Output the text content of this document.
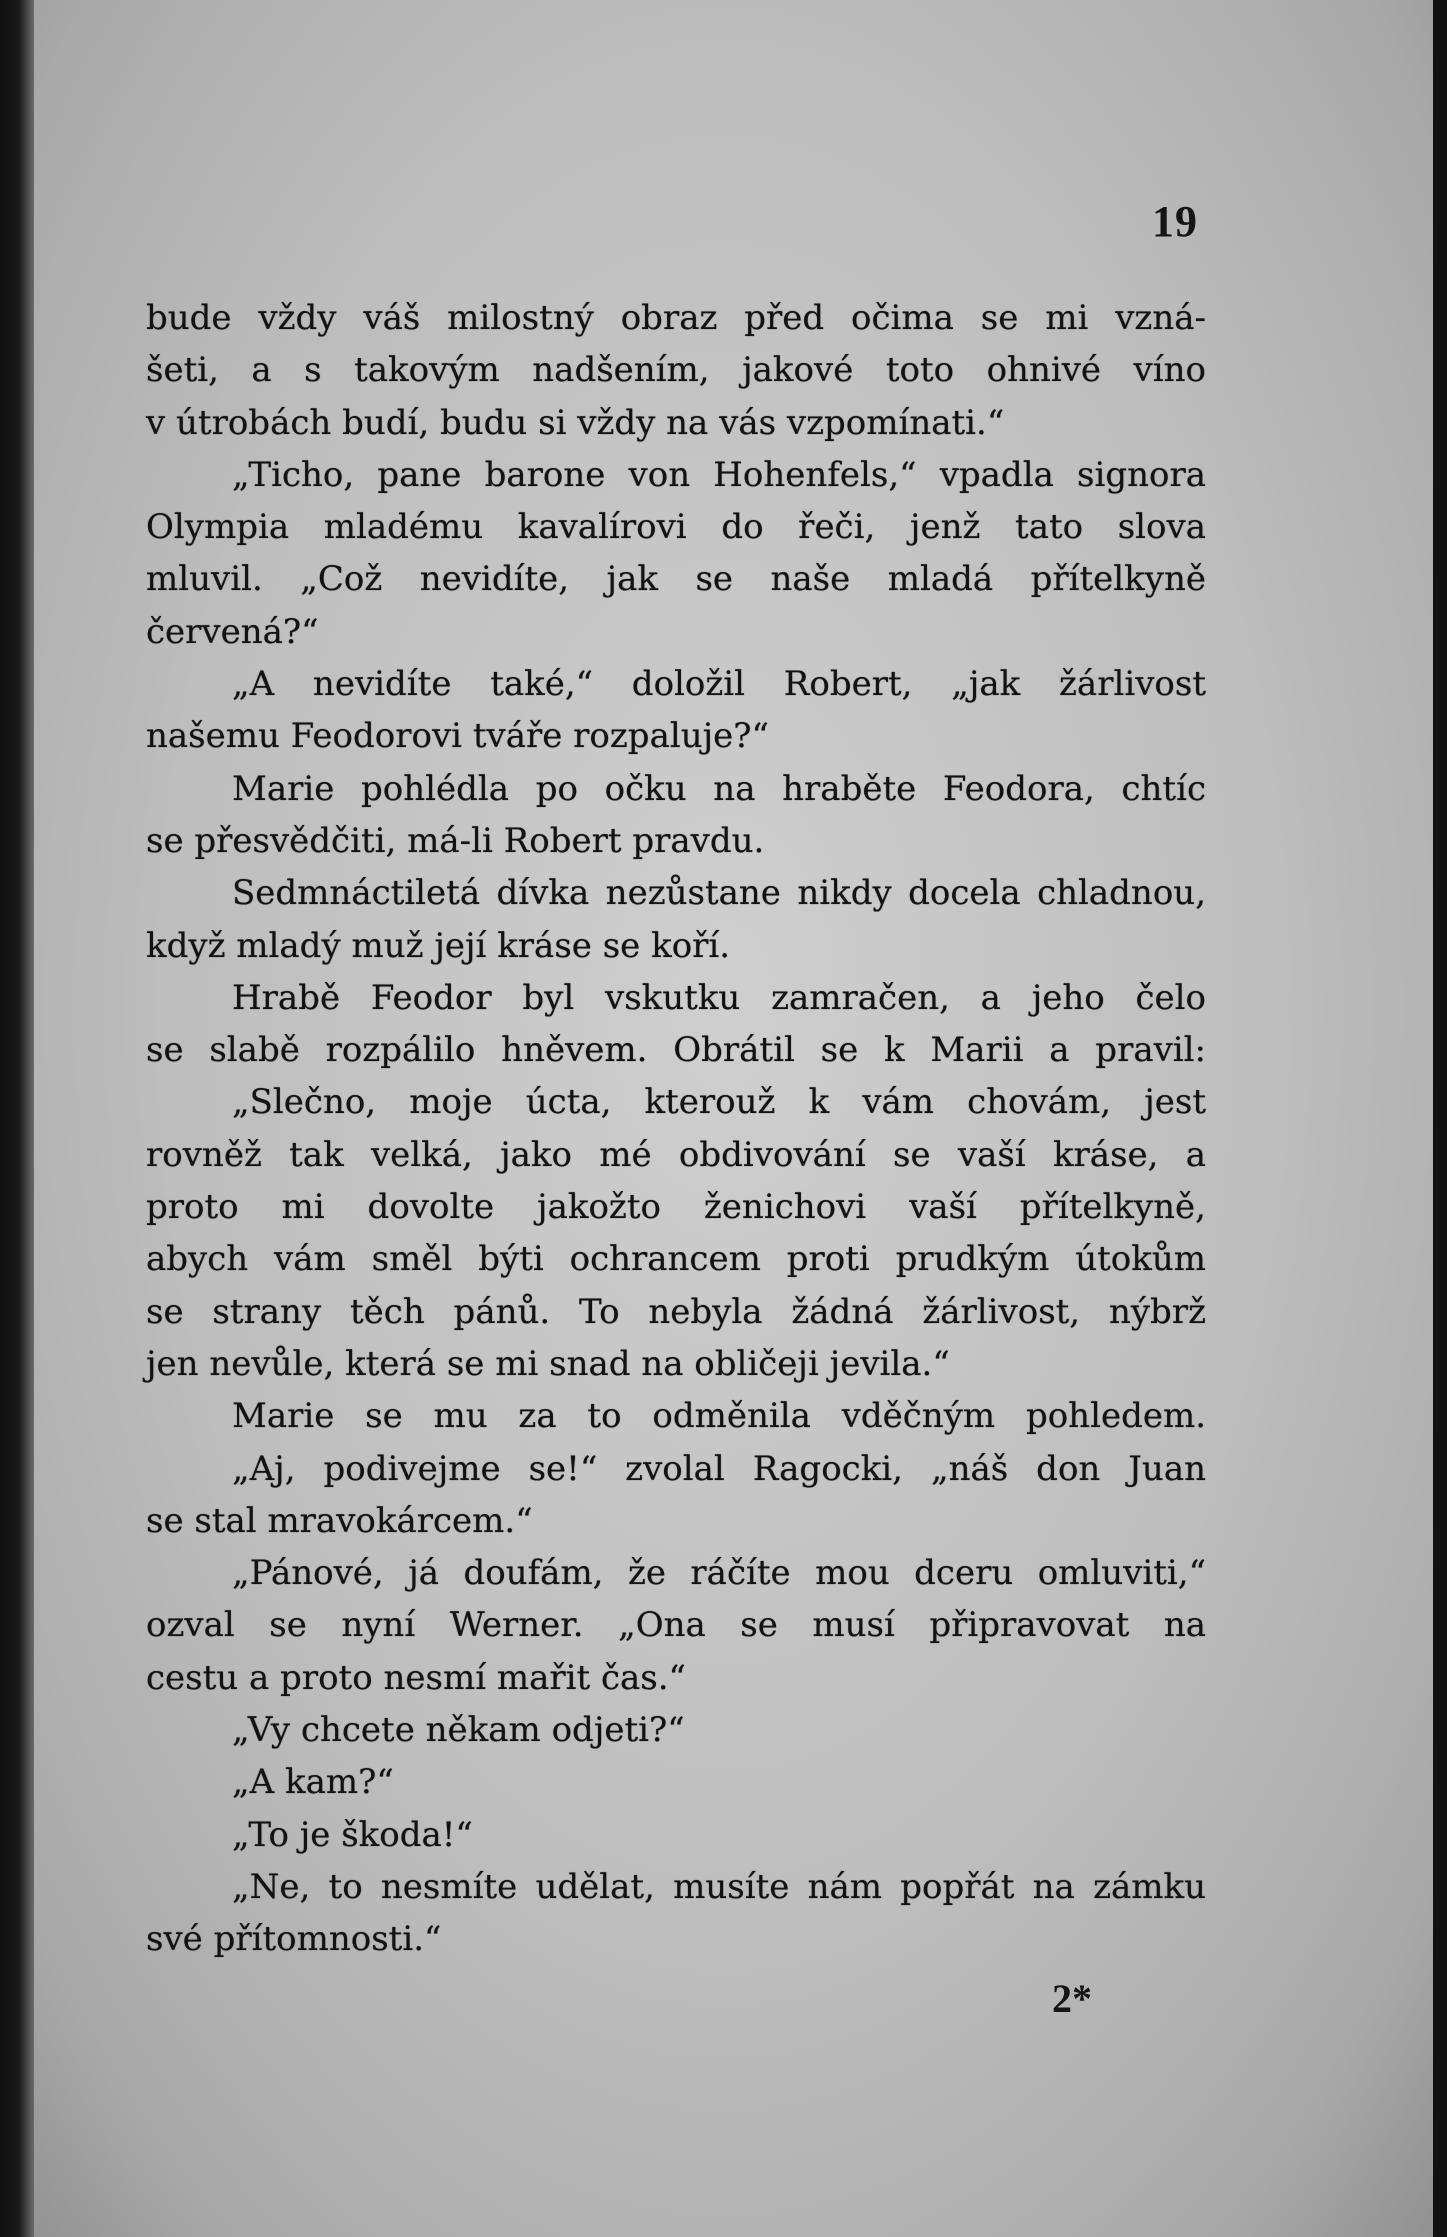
19
bude vždy váš milostný obraz před očima se mi vzná-
šeti, a s takovým nadšením, jakové toto ohnivé víno
v útrobách budí, budu si vždy na vás vzpomínati.“
„Ticho, pane barone von Hohenfels,“ vpadla signora
Olympia mladému kavalírovi do řeči, jenž tato slova
mluvil. „Což nevidíte, jak se naše mladá přítelkyně
červená?“
„A nevidíte také,“ doložil Robert, „jak žárlivost
našemu Feodorovi tváře rozpaluje?“
Marie pohlédla po očku na hraběte Feodora, chtíc
se přesvědčiti, má-li Robert pravdu.
Sedmnáctiletá dívka nezůstane nikdy docela chladnou,
když mladý muž její kráse se koří.
Hrabě Feodor byl vskutku zamračen, a jeho čelo
se slabě rozpálilo hněvem. Obrátil se k Marii a pravil:
„Slečno, moje úcta, kterouž k vám chovám, jest
rovněž tak velká, jako mé obdivování se vaší kráse, a
proto mi dovolte jakožto ženichovi vaší přítelkyně,
abych vám směl býti ochrancem proti prudkým útokům
se strany těch pánů. To nebyla žádná žárlivost, nýbrž
jen nevůle, která se mi snad na obličeji jevila.“
Marie se mu za to odměnila vděčným pohledem.
„Aj, podivejme se!“ zvolal Ragocki, „náš don Juan
se stal mravokárcem.“
„Pánové, já doufám, že ráčíte mou dceru omluviti,“
ozval se nyní Werner. „Ona se musí připravovat na
cestu a proto nesmí mařit čas.“
„Vy chcete někam odjeti?“
„A kam?“
„To je škoda!“
„Ne, to nesmíte udělat, musíte nám popřát na zámku
své přítomnosti.“
2*
